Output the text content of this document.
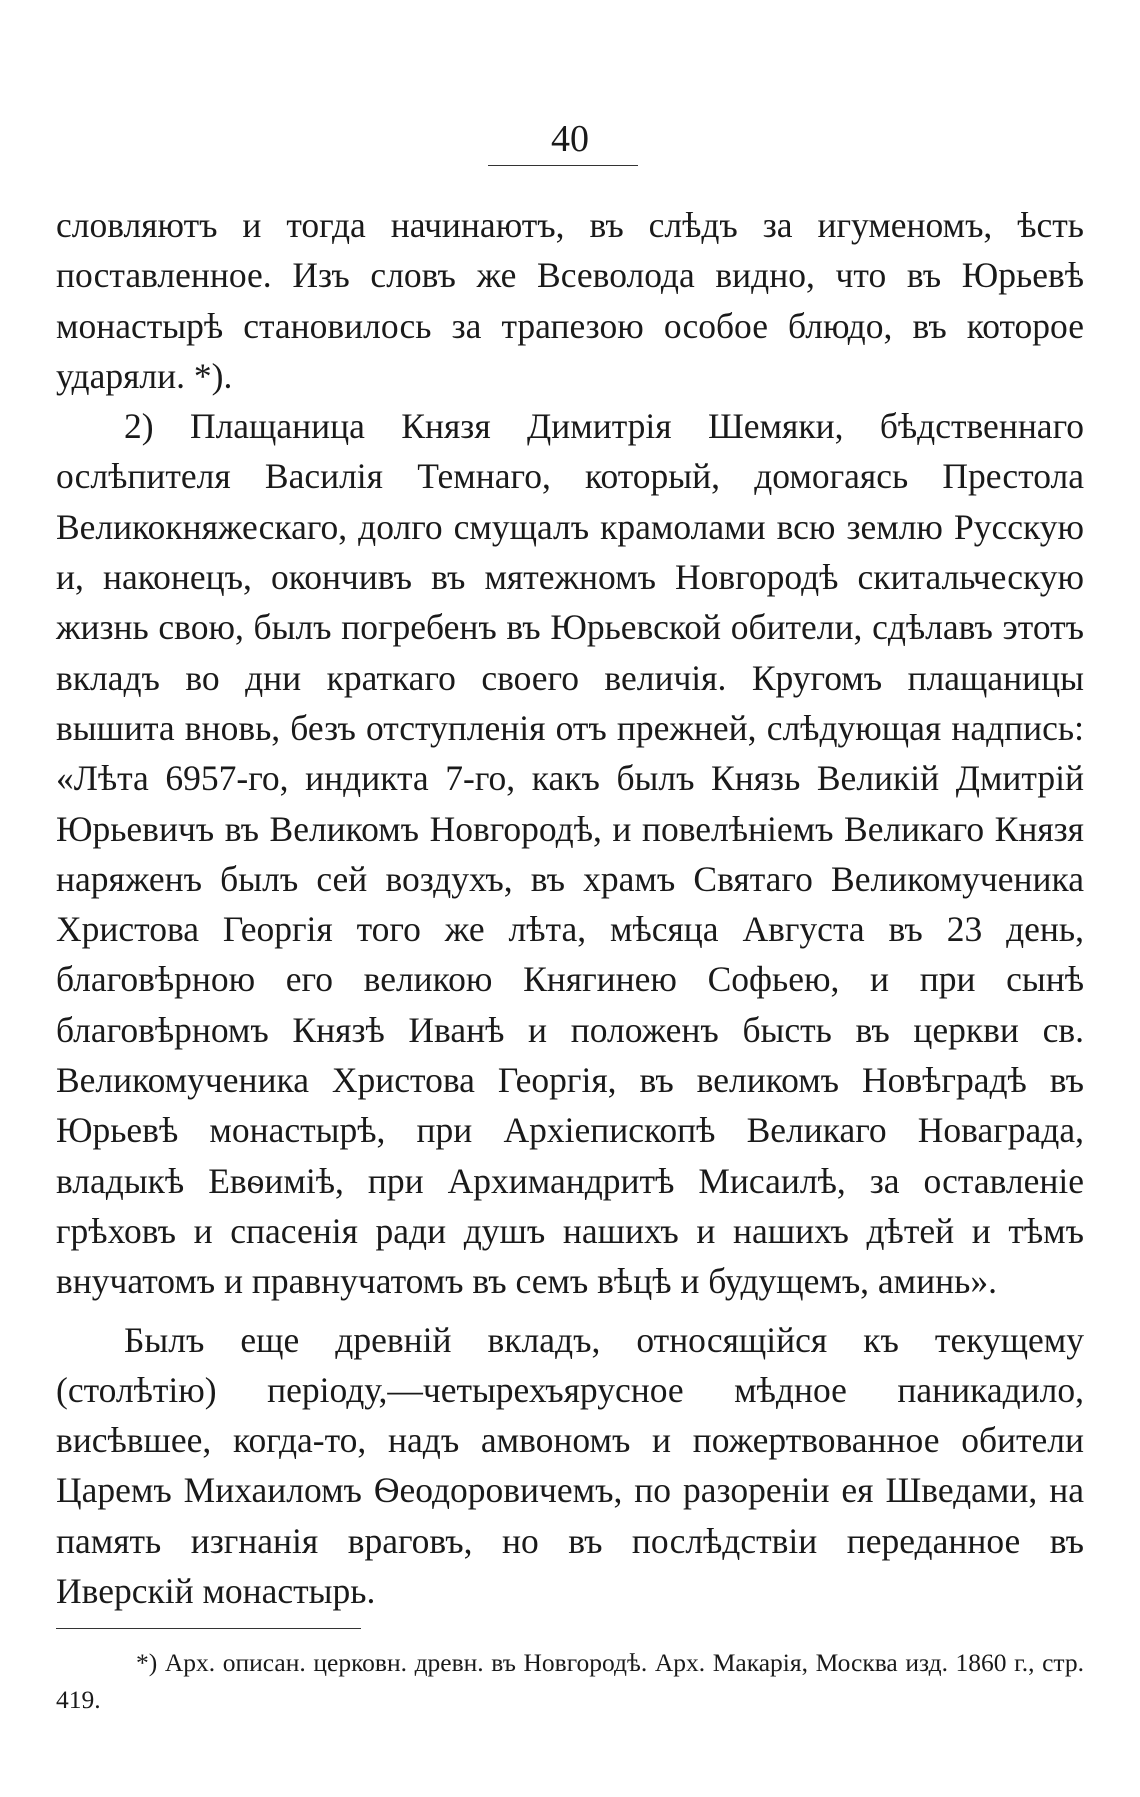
40

словляютъ и тогда начинаютъ, въ слѣдъ за игуменомъ, ѣсть поставленное. Изъ словъ же Всеволода видно, что въ Юрьевѣ монастырѣ становилось за трапезою особое блюдо, въ которое ударяли. *).

2) Плащаница Князя Димитрія Шемяки, бѣдственнаго ослѣпителя Василія Темнаго, который, домогаясь Престола Великокняжескаго, долго смущалъ крамолами всю землю Русскую и, наконецъ, окончивъ въ мятежномъ Новгородѣ скитальческую жизнь свою, былъ погребенъ въ Юрьевской обители, сдѣлавъ этотъ вкладъ во дни краткаго своего величія. Кругомъ плащаницы вышита вновь, безъ отступленія отъ прежней, слѣдующая надпись: «Лѣта 6957-го, индикта 7-го, какъ былъ Князь Великій Дмитрій Юрьевичъ въ Великомъ Новгородѣ, и повелѣніемъ Великаго Князя наряженъ былъ сей воздухъ, въ храмъ Святаго Великомученика Христова Георгія того же лѣта, мѣсяца Августа въ 23 день, благовѣрною его великою Княгинею Софьею, и при сынѣ благовѣрномъ Князѣ Иванѣ и положенъ бысть въ церкви св. Великомученика Христова Георгія, въ великомъ Новѣградѣ въ Юрьевѣ монастырѣ, при Архіепископѣ Великаго Новаграда, владыкѣ Евѳиміѣ, при Архимандритѣ Мисаилѣ, за оставленіе грѣховъ и спасенія ради душъ нашихъ и нашихъ дѣтей и тѣмъ внучатомъ и правнучатомъ въ семъ вѣцѣ и будущемъ, аминь».

Былъ еще древній вкладъ, относящійся къ текущему (столѣтію) періоду,—четырехъярусное мѣдное паникадило, висѣвшее, когда-то, надъ амвономъ и пожертвованное обители Царемъ Михаиломъ Ѳеодоровичемъ, по разореніи ея Шведами, на память изгнанія враговъ, но въ послѣдствіи переданное въ Иверскій монастырь.

*) Арх. описан. церковн. древн. въ Новгородѣ. Арх. Макарія, Москва изд. 1860 г., стр. 419.
